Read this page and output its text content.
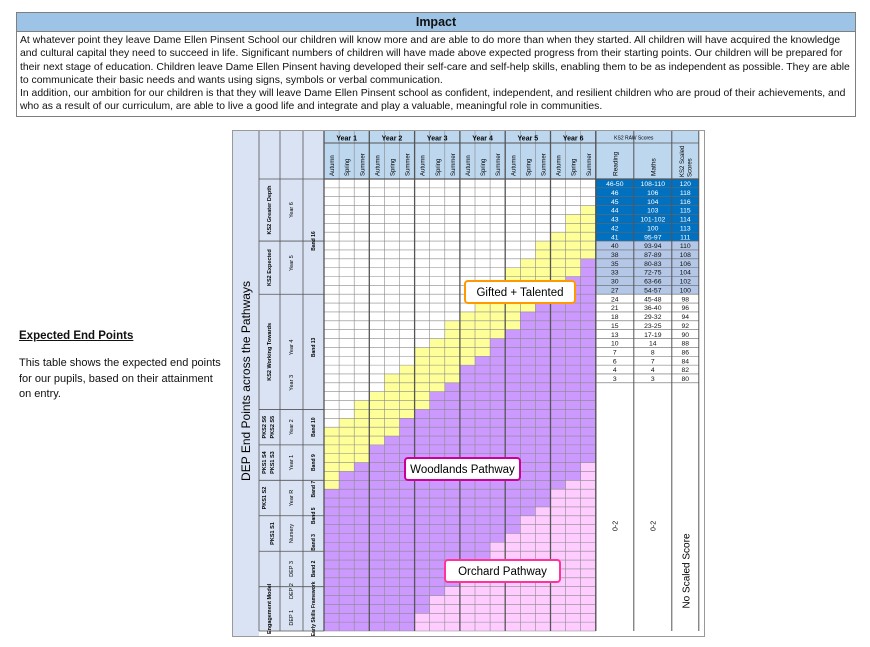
Impact

At whatever point they leave Dame Ellen Pinsent School our children will know more and are able to do more than when they started. All children will have acquired the knowledge and cultural capital they need to succeed in life. Significant numbers of children will have made above expected progress from their starting points. Our children will be prepared for their next stage of education. Children leave Dame Ellen Pinsent having developed their self-care and self-help skills, enabling them to be as independent as possible. They are able to communicate their basic needs and wants using signs, symbols or verbal communication.

In addition, our ambition for our children is that they will leave Dame Ellen Pinsent school as confident, independent, and resilient children who are proud of their achievements, and who as a result of our curriculum, are able to live a good life and integrate and play a valuable, meaningful role in communities.

Expected End Points
This table shows the expected end points for our pupils, based on their attainment on entry.
Year 1	Year 2	Year 3	Year 4	Year 5	Year 6
Autumn Spring Summer Autumn Spring Summer Autumn Spring Summer Autumn Spring Summer Autumn Spring Summer Autumn Spring Summer
KS2 RAW Scores
Reading	Maths	KS2 Scaled Scores
46-50	108-110 120
46	106	118
45	104	116
44	103	115
43	101-102 114
42	100	113
41	95-97	111
40	93-94	110
38	87-89	108
35	80-83	106
33	72-75	104
30	63-66	102
27	54-57	100
24	45-48	98
21	36-40	96
18	29-32	94
15	23-25	92
13	17-19	90
10	14	88
7	8	86
6	7	84
4	4	82
3	3	80
0-2	0-2
No Scaled Score
DEP End Points across the Pathways
KS2 Greater Depth
KS2 Expected
KS2 Working Towards
PKS2 S6 PKS2 S5
PKS1 S4 PKS1 S3
PKS1 S2
PKS1 S1
Engagement Model
Year 6
Year 5
Year 4
Year 3
Year 2
Year 1
Year R
Nursery
DEP 3
DEP 2
DEP 1
Band 16
Band 13
Band 10
Band 9
Band 7
Band 5
Band 3
Band 2
Early Skills Framework
Gifted + Talented
Woodlands Pathway
Orchard Pathway
